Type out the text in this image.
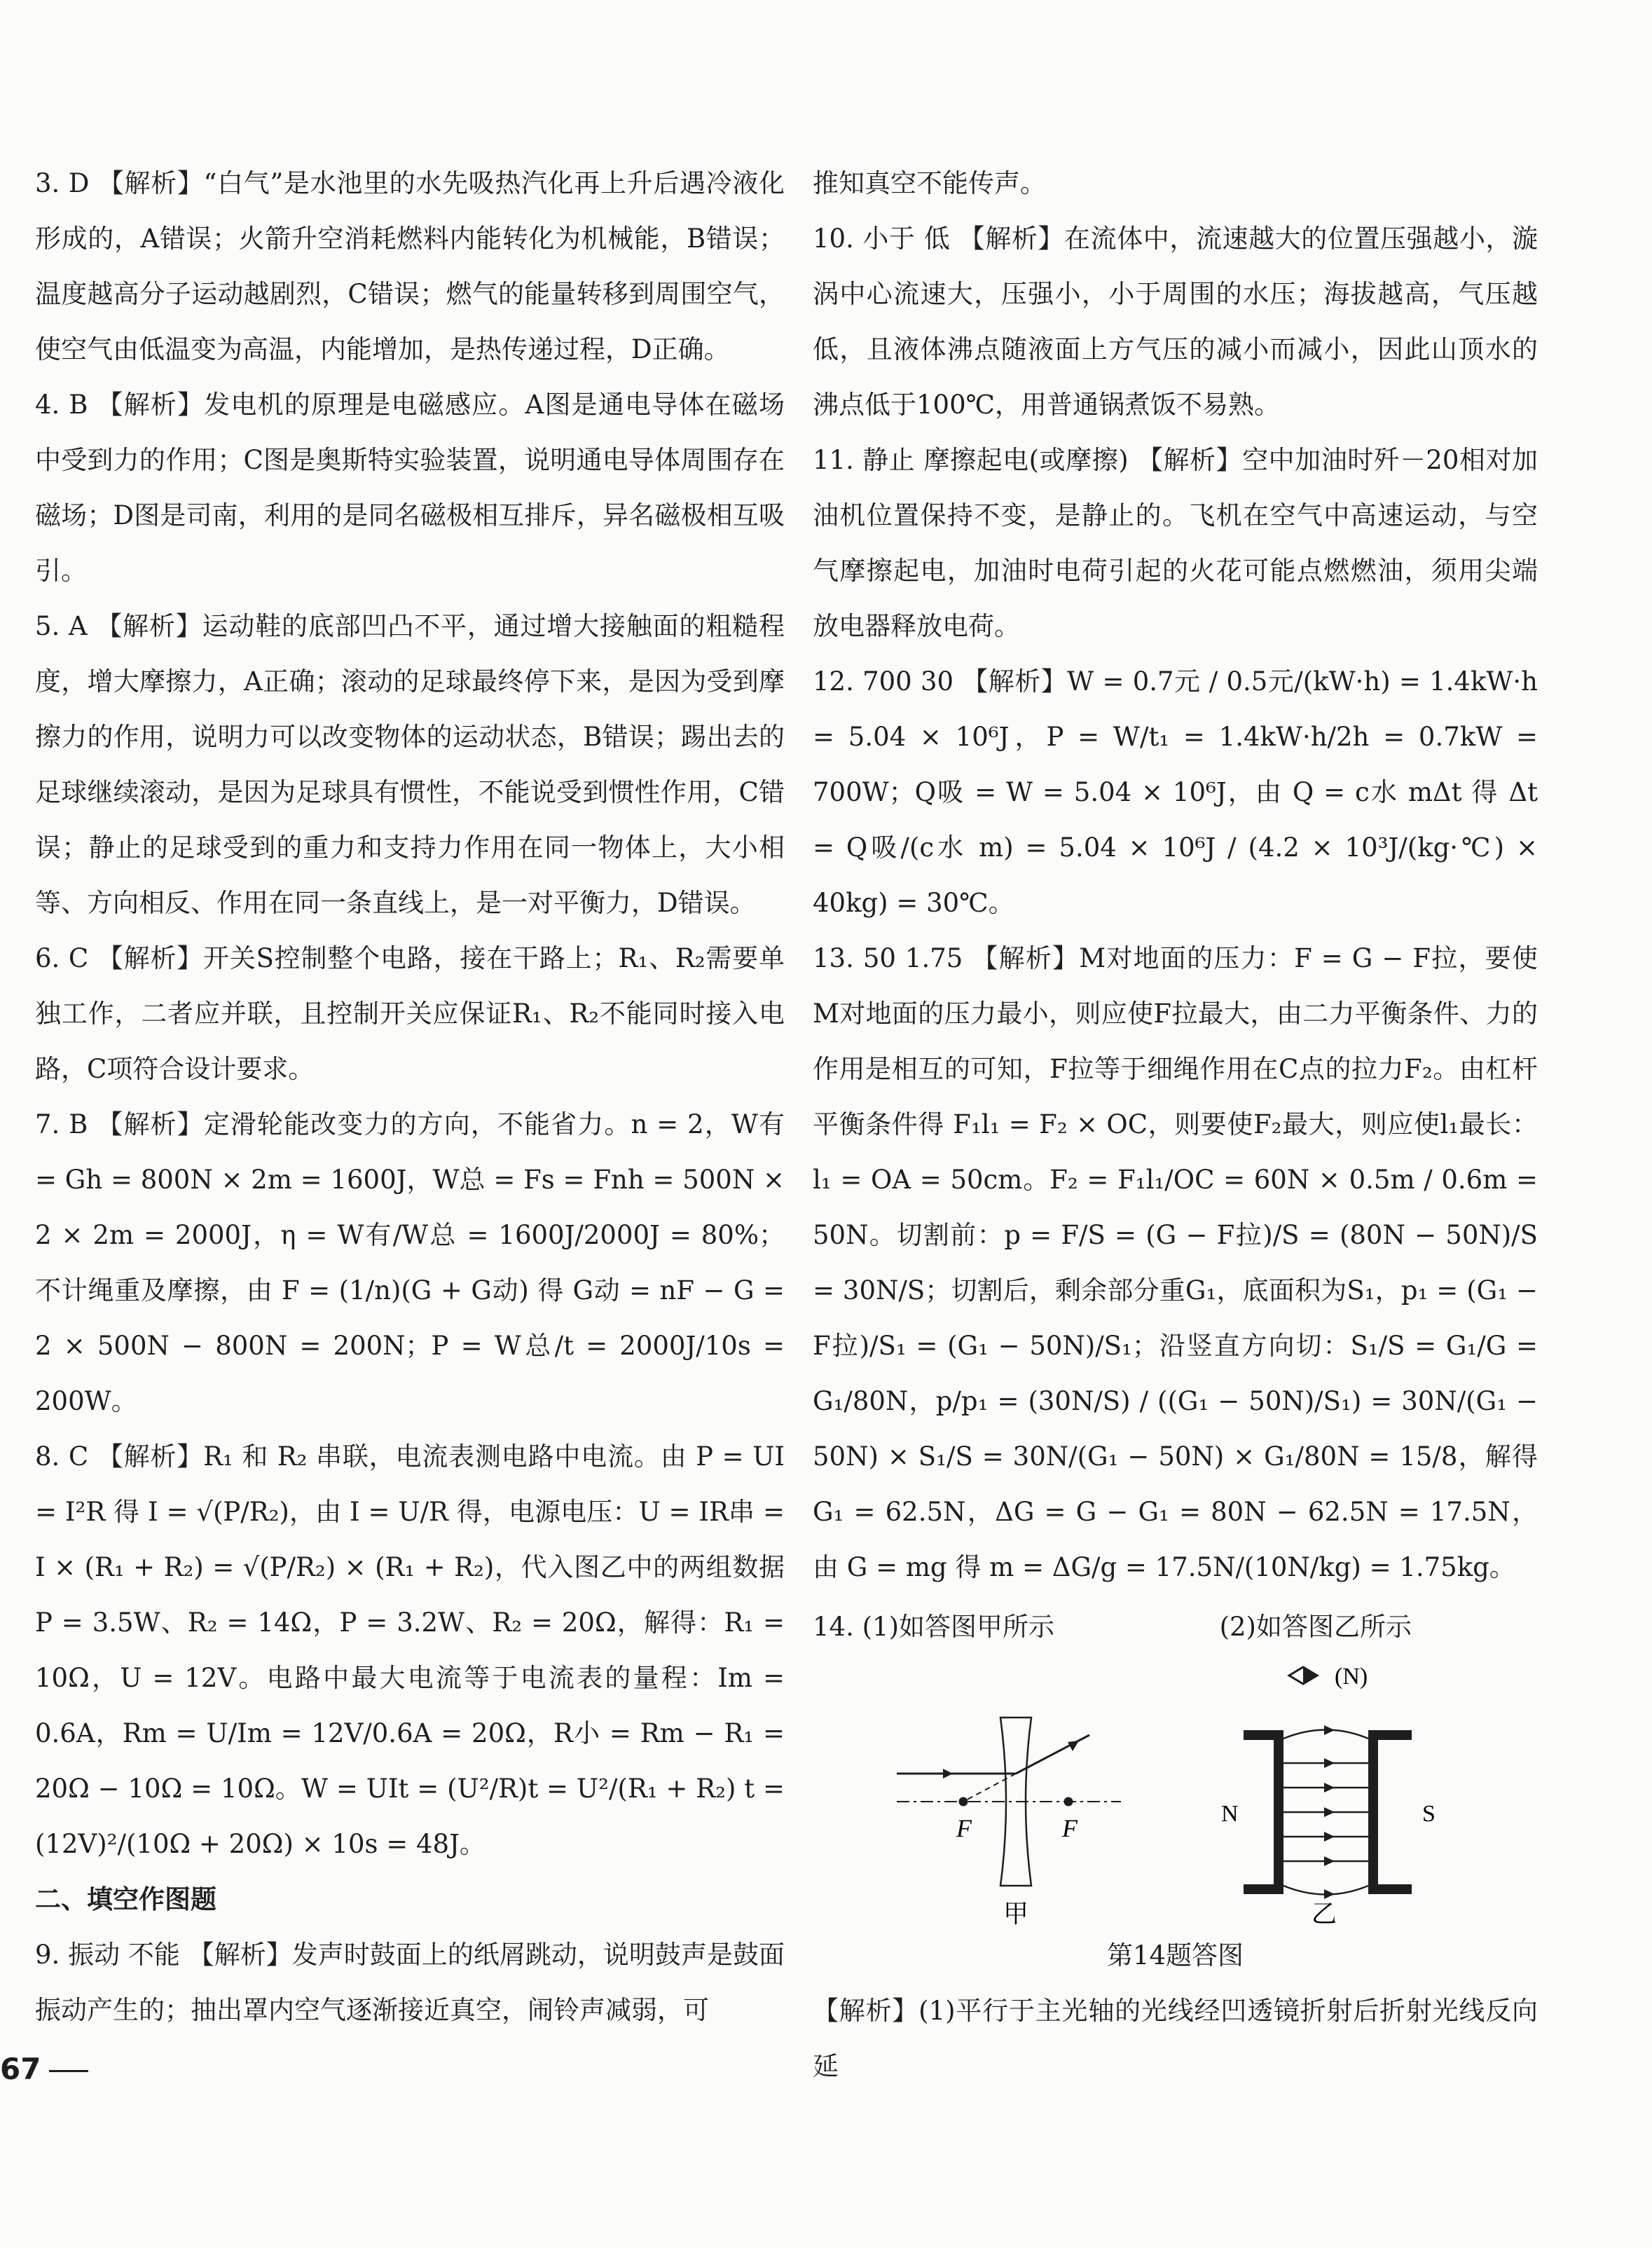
3. D 【解析】“白气”是水池里的水先吸热汽化再上升后遇冷液化形成的，A错误；火箭升空消耗燃料内能转化为机械能，B错误；温度越高分子运动越剧烈，C错误；燃气的能量转移到周围空气，使空气由低温变为高温，内能增加，是热传递过程，D正确。

4. B 【解析】发电机的原理是电磁感应。A图是通电导体在磁场中受到力的作用；C图是奥斯特实验装置，说明通电导体周围存在磁场；D图是司南，利用的是同名磁极相互排斥，异名磁极相互吸引。

5. A 【解析】运动鞋的底部凹凸不平，通过增大接触面的粗糙程度，增大摩擦力，A正确；滚动的足球最终停下来，是因为受到摩擦力的作用，说明力可以改变物体的运动状态，B错误；踢出去的足球继续滚动，是因为足球具有惯性，不能说受到惯性作用，C错误；静止的足球受到的重力和支持力作用在同一物体上，大小相等、方向相反、作用在同一条直线上，是一对平衡力，D错误。

6. C 【解析】开关S控制整个电路，接在干路上；R₁、R₂需要单独工作，二者应并联，且控制开关应保证R₁、R₂不能同时接入电路，C项符合设计要求。

7. B 【解析】定滑轮能改变力的方向，不能省力。n = 2，W有 = Gh = 800N × 2m = 1600J，W总 = Fs = Fnh = 500N × 2 × 2m = 2000J，η = W有/W总 = 1600J/2000J = 80%；不计绳重及摩擦，由 F = (1/n)(G + G动) 得 G动 = nF − G = 2 × 500N − 800N = 200N；P = W总/t = 2000J/10s = 200W。

8. C 【解析】R₁ 和 R₂ 串联，电流表测电路中电流。由 P = UI = I²R 得 I = √(P/R₂)，由 I = U/R 得，电源电压：U = IR串 = I × (R₁ + R₂) = √(P/R₂) × (R₁ + R₂)，代入图乙中的两组数据 P = 3.5W、R₂ = 14Ω，P = 3.2W、R₂ = 20Ω，解得：R₁ = 10Ω，U = 12V。电路中最大电流等于电流表的量程：Im = 0.6A，Rm = U/Im = 12V/0.6A = 20Ω，R小 = Rm − R₁ = 20Ω − 10Ω = 10Ω。W = UIt = (U²/R)t = U²/(R₁ + R₂) t = (12V)²/(10Ω + 20Ω) × 10s = 48J。

二、填空作图题

9. 振动 不能 【解析】发声时鼓面上的纸屑跳动，说明鼓声是鼓面振动产生的；抽出罩内空气逐渐接近真空，闹铃声减弱，可

推知真空不能传声。

10. 小于 低 【解析】在流体中，流速越大的位置压强越小，漩涡中心流速大，压强小，小于周围的水压；海拔越高，气压越低，且液体沸点随液面上方气压的减小而减小，因此山顶水的沸点低于100℃，用普通锅煮饭不易熟。

11. 静止 摩擦起电(或摩擦) 【解析】空中加油时歼－20相对加油机位置保持不变，是静止的。飞机在空气中高速运动，与空气摩擦起电，加油时电荷引起的火花可能点燃燃油，须用尖端放电器释放电荷。

12. 700 30 【解析】W = 0.7元 / 0.5元/(kW·h) = 1.4kW·h = 5.04 × 10⁶J，P = W/t₁ = 1.4kW·h/2h = 0.7kW = 700W；Q吸 = W = 5.04 × 10⁶J，由 Q = c水 mΔt 得 Δt = Q吸/(c水 m) = 5.04 × 10⁶J / (4.2 × 10³J/(kg·℃) × 40kg) = 30℃。

13. 50 1.75 【解析】M对地面的压力：F = G − F拉，要使M对地面的压力最小，则应使F拉最大，由二力平衡条件、力的作用是相互的可知，F拉等于细绳作用在C点的拉力F₂。由杠杆平衡条件得 F₁l₁ = F₂ × OC，则要使F₂最大，则应使l₁最长：l₁ = OA = 50cm。F₂ = F₁l₁/OC = 60N × 0.5m / 0.6m = 50N。切割前：p = F/S = (G − F拉)/S = (80N − 50N)/S = 30N/S；切割后，剩余部分重G₁，底面积为S₁，p₁ = (G₁ − F拉)/S₁ = (G₁ − 50N)/S₁；沿竖直方向切：S₁/S = G₁/G = G₁/80N，p/p₁ = (30N/S) / ((G₁ − 50N)/S₁) = 30N/(G₁ − 50N) × S₁/S = 30N/(G₁ − 50N) × G₁/80N = 15/8，解得 G₁ = 62.5N，ΔG = G − G₁ = 80N − 62.5N = 17.5N，由 G = mg 得 m = ΔG/g = 17.5N/(10N/kg) = 1.75kg。

14. (1)如答图甲所示	(2)如答图乙所示
F	F
甲
(N)
N	S
乙
第14题答图

【解析】(1)平行于主光轴的光线经凹透镜折射后折射光线反向延

67
